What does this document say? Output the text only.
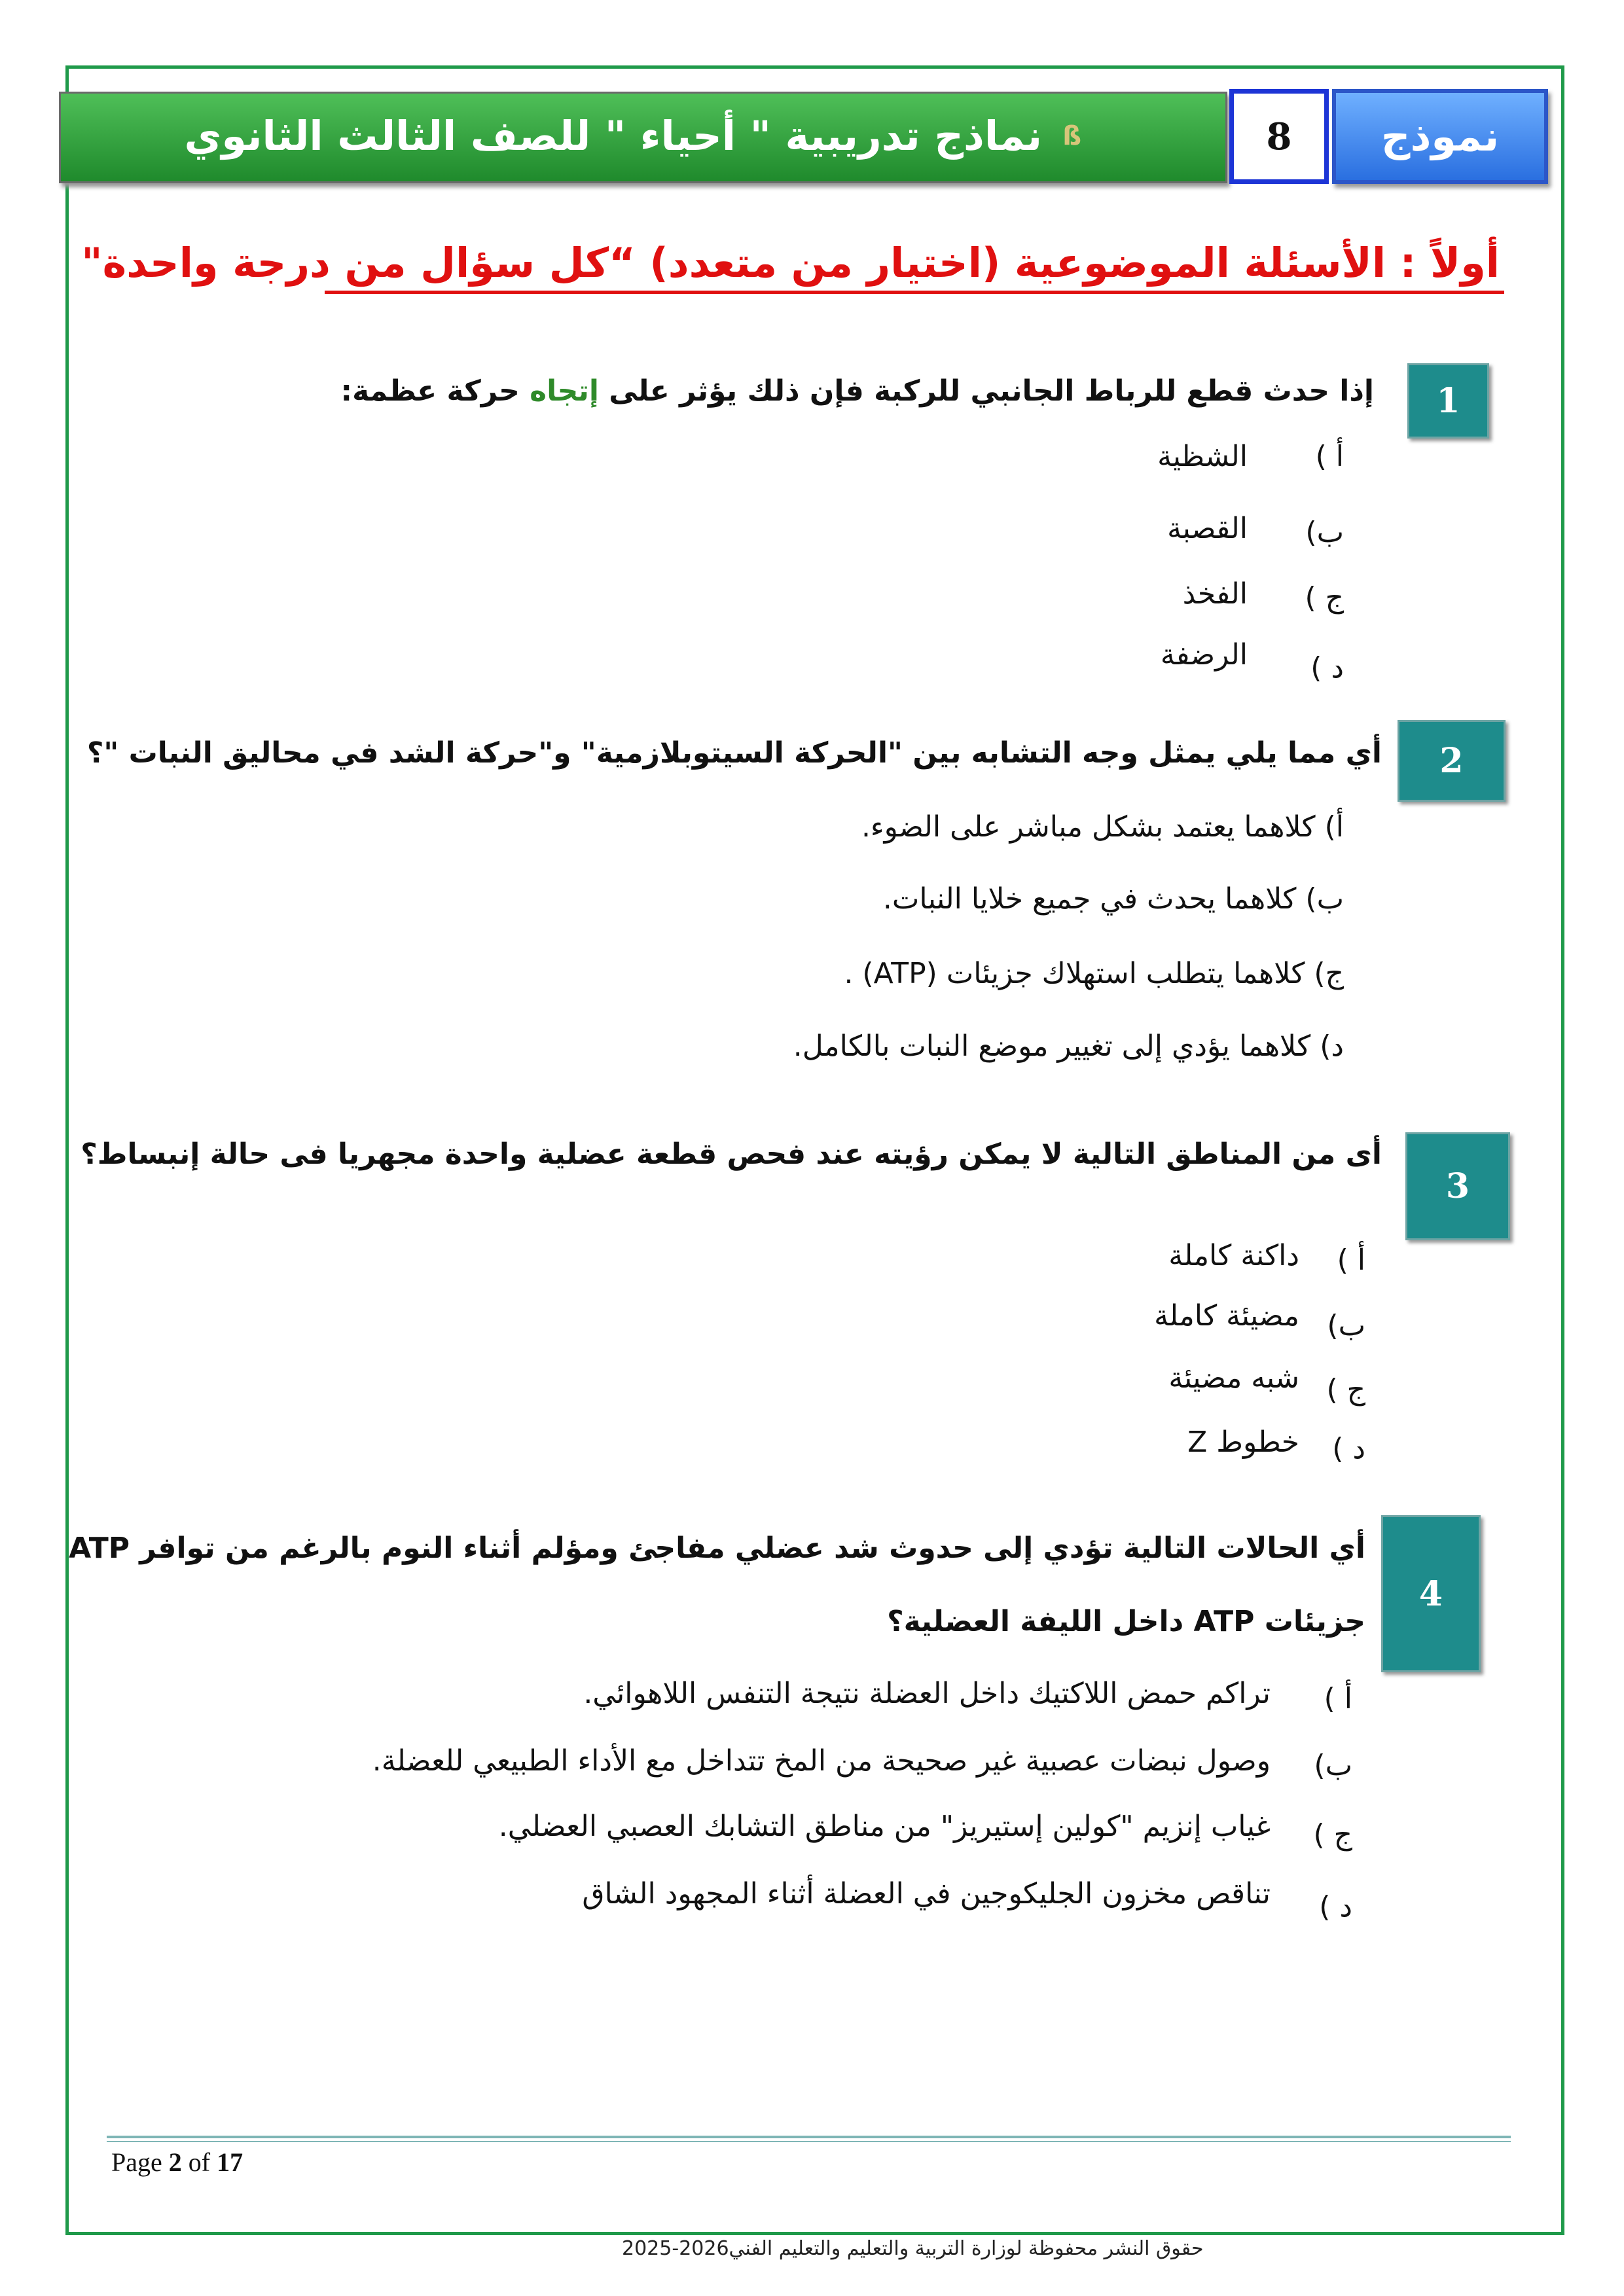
نماذج تدريبية " أحياء " للصف الثالث الثانوي ß	8	نموذج
أولاً : الأسئلة الموضوعية (اختيار من متعدد) “كل سؤال من درجة واحدة"
1
إذا حدث قطع للرباط الجانبي للركبة فإن ذلك يؤثر على إتجاه حركة عظمة:
أ )
الشظية
ب)
القصبة
ج )
الفخذ
د )
الرضفة
2
أي مما يلي يمثل وجه التشابه بين "الحركة السيتوبلازمية" و"حركة الشد في محاليق النبات "؟
أ) كلاهما يعتمد بشكل مباشر على الضوء.
ب) كلاهما يحدث في جميع خلايا النبات.
ج) كلاهما يتطلب استهلاك جزيئات (ATP) .
د) كلاهما يؤدي إلى تغيير موضع النبات بالكامل.
3
أى من المناطق التالية لا يمكن رؤيته عند فحص قطعة عضلية واحدة مجهريا فى حالة إنبساط؟
أ )
داكنة كاملة
ب)
مضيئة كاملة
ج )
شبه مضيئة
د )
خطوط Z
4
أي الحالات التالية تؤدي إلى حدوث شد عضلي مفاجئ ومؤلم أثناء النوم بالرغم من توافر ATP
جزيئات ATP داخل الليفة العضلية؟
أ )
تراكم حمض اللاكتيك داخل العضلة نتيجة التنفس اللاهوائي.
ب)
وصول نبضات عصبية غير صحيحة من المخ تتداخل مع الأداء الطبيعي للعضلة.
ج )
غياب إنزيم "كولين إستيريز" من مناطق التشابك العصبي العضلي.
د )
تناقص مخزون الجليكوجين في العضلة أثناء المجهود الشاق
Page 2 of 17
حقوق النشر محفوظة لوزارة التربية والتعليم والتعليم الفني2026-2025
